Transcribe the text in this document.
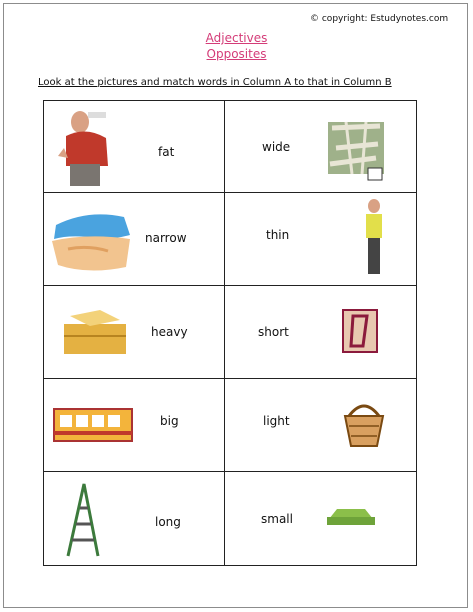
© copyright: Estudynotes.com
Adjectives
Opposites
Look at the pictures and match words in Column A to that in Column B
fat	wide
narrow	thin
heavy	short
big	light
long	small
